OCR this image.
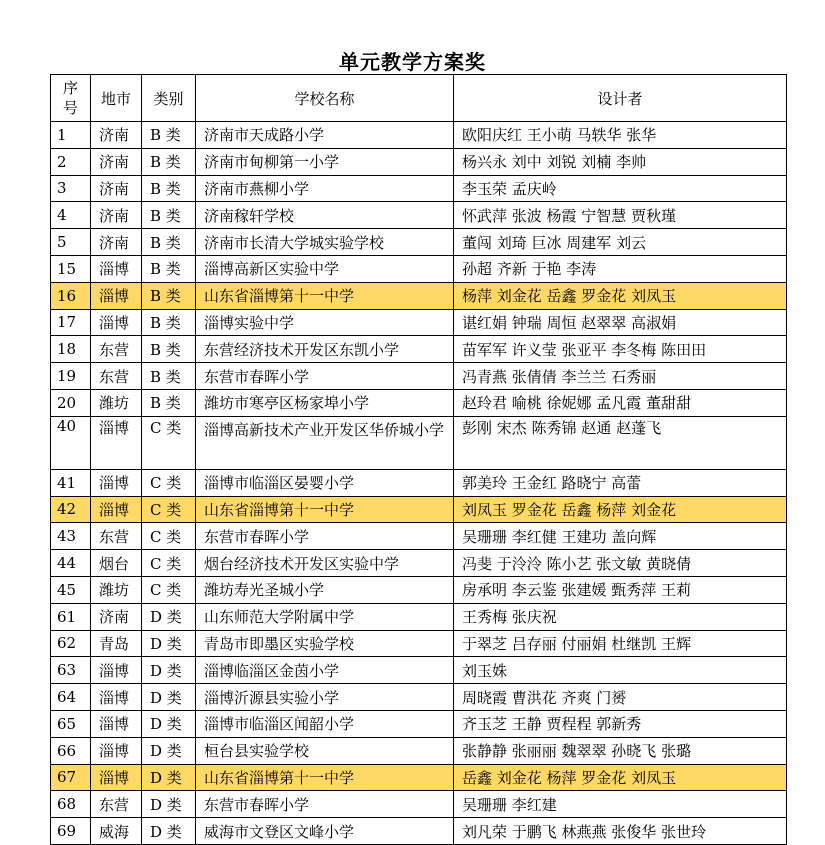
单元教学方案奖
序
号	地市	类别	学校名称	设计者
1	济南	B 类	济南市天成路小学	欧阳庆红 王小萌 马轶华 张华
2	济南	B 类	济南市甸柳第一小学	杨兴永 刘中 刘锐 刘楠 李帅
3	济南	B 类	济南市燕柳小学	李玉荣 孟庆岭
4	济南	B 类	济南稼轩学校	怀武萍 张波 杨霞 宁智慧 贾秋瑾
5	济南	B 类	济南市长清大学城实验学校	董闯 刘琦 巨冰 周建军 刘云
15	淄博	B 类	淄博高新区实验中学	孙超 齐新 于艳 李涛
16	淄博	B 类	山东省淄博第十一中学	杨萍 刘金花 岳鑫 罗金花 刘凤玉
17	淄博	B 类	淄博实验中学	谌红娟 钟瑞 周恒 赵翠翠 高淑娟
18	东营	B 类	东营经济技术开发区东凯小学	苗军军 许义莹 张亚平 李冬梅 陈田田
19	东营	B 类	东营市春晖小学	冯青燕 张倩倩 李兰兰 石秀丽
20	潍坊	B 类	潍坊市寒亭区杨家埠小学	赵玲君 喻桃 徐妮娜 孟凡霞 董甜甜
40	淄博	C 类	淄博高新技术产业开发区华侨城小学	彭刚 宋杰 陈秀锦 赵通 赵蓬飞
41	淄博	C 类	淄博市临淄区晏婴小学	郭美玲 王金红 路晓宁 高蕾
42	淄博	C 类	山东省淄博第十一中学	刘凤玉 罗金花 岳鑫 杨萍 刘金花
43	东营	C 类	东营市春晖小学	吴珊珊 李红健 王建功 盖向辉
44	烟台	C 类	烟台经济技术开发区实验中学	冯斐 于泠泠 陈小艺 张文敏 黄晓倩
45	潍坊	C 类	潍坊寿光圣城小学	房承明 李云鉴 张建媛 甄秀萍 王莉
61	济南	D 类	山东师范大学附属中学	王秀梅 张庆祝
62	青岛	D 类	青岛市即墨区实验学校	于翠芝 吕存丽 付丽娟 杜继凯 王辉
63	淄博	D 类	淄博临淄区金茵小学	刘玉姝
64	淄博	D 类	淄博沂源县实验小学	周晓霞 曹洪花 齐爽 门赟
65	淄博	D 类	淄博市临淄区闻韶小学	齐玉芝 王静 贾程程 郭新秀
66	淄博	D 类	桓台县实验学校	张静静 张丽丽 魏翠翠 孙晓飞 张璐
67	淄博	D 类	山东省淄博第十一中学	岳鑫 刘金花 杨萍 罗金花 刘凤玉
68	东营	D 类	东营市春晖小学	吴珊珊 李红建
69	威海	D 类	威海市文登区文峰小学	刘凡荣 于鹏飞 林燕燕 张俊华 张世玲
